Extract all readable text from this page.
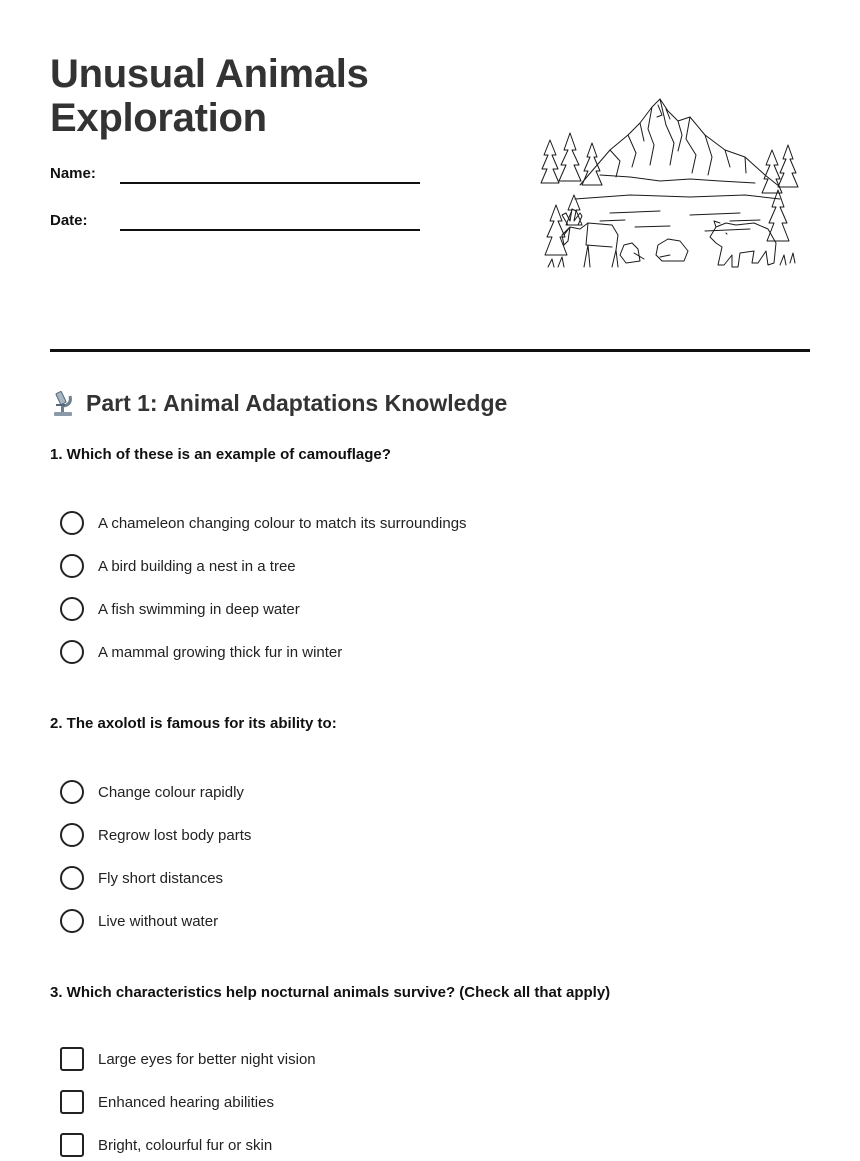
Unusual Animals
Exploration
Name:
Date:
Part 1: Animal Adaptations Knowledge

1. Which of these is an example of camouflage?

A chameleon changing colour to match its surroundings
A bird building a nest in a tree
A fish swimming in deep water
A mammal growing thick fur in winter

2. The axolotl is famous for its ability to:

Change colour rapidly
Regrow lost body parts
Fly short distances
Live without water

3. Which characteristics help nocturnal animals survive? (Check all that apply)

Large eyes for better night vision
Enhanced hearing abilities
Bright, colourful fur or skin
